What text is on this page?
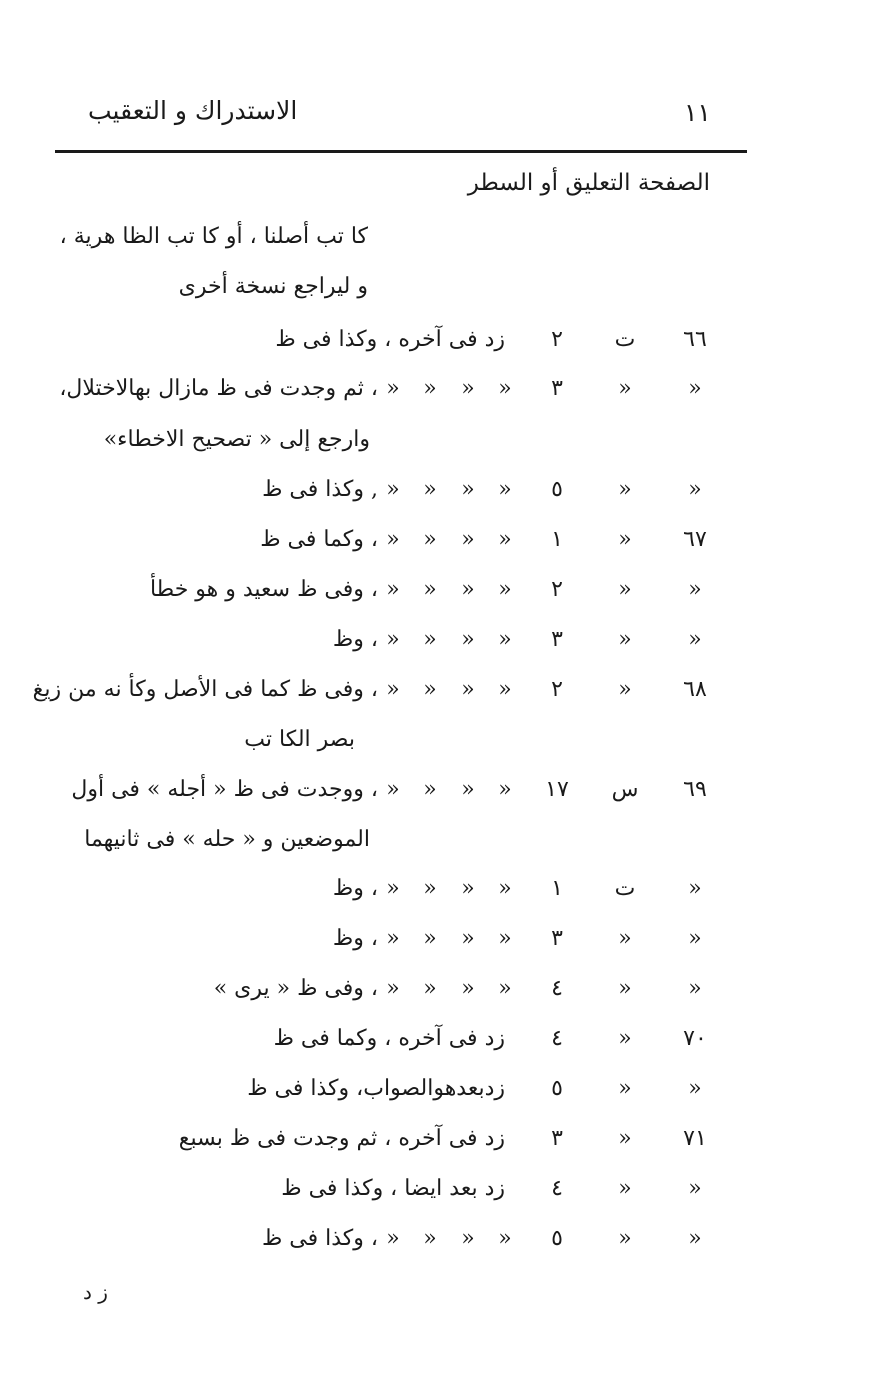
الاستدراك و التعقيب	١١
الصفحة التعليق أو السطر
كا تب أصلنا ، أو كا تب الظا هرية ،
و ليراجع نسخة أخرى
٦٦
ت
٢
زد فى آخره ، وكذا فى ظ
»
»
٣
»
»
»
»
، ثم وجدت فى ظ مازال بهالاختلال،
وارجع إلى « تصحيح الاخطاء»
»
»
٥
»
»
»
»
, وكذا فى ظ
٦٧
»
١
»
»
»
»
، وكما فى ظ
»
»
٢
»
»
»
»
، وفى ظ سعيد و هو خطأ
»
»
٣
»
»
»
»
، وظ
٦٨
»
٢
»
»
»
»
، وفى ظ كما فى الأصل وكأ نه من زيغ
بصر الكا تب
٦٩
س
١٧
»
»
»
»
، ووجدت فى ظ « أجله » فى أول
الموضعين و « حله » فى ثانيهما
»
ت
١
»
»
»
»
، وظ
»
»
٣
»
»
»
»
، وظ
»
»
٤
»
»
»
»
، وفى ظ « يرى »
٧٠
»
٤
زد فى آخره ، وكما فى ظ
»
»
٥
زدبعدهوالصواب، وكذا فى ظ
٧١
»
٣
زد فى آخره ، ثم وجدت فى ظ بسبع
»
»
٤
زد بعد ايضا ، وكذا فى ظ
»
»
٥
»
»
»
»
، وكذا فى ظ
ز د
